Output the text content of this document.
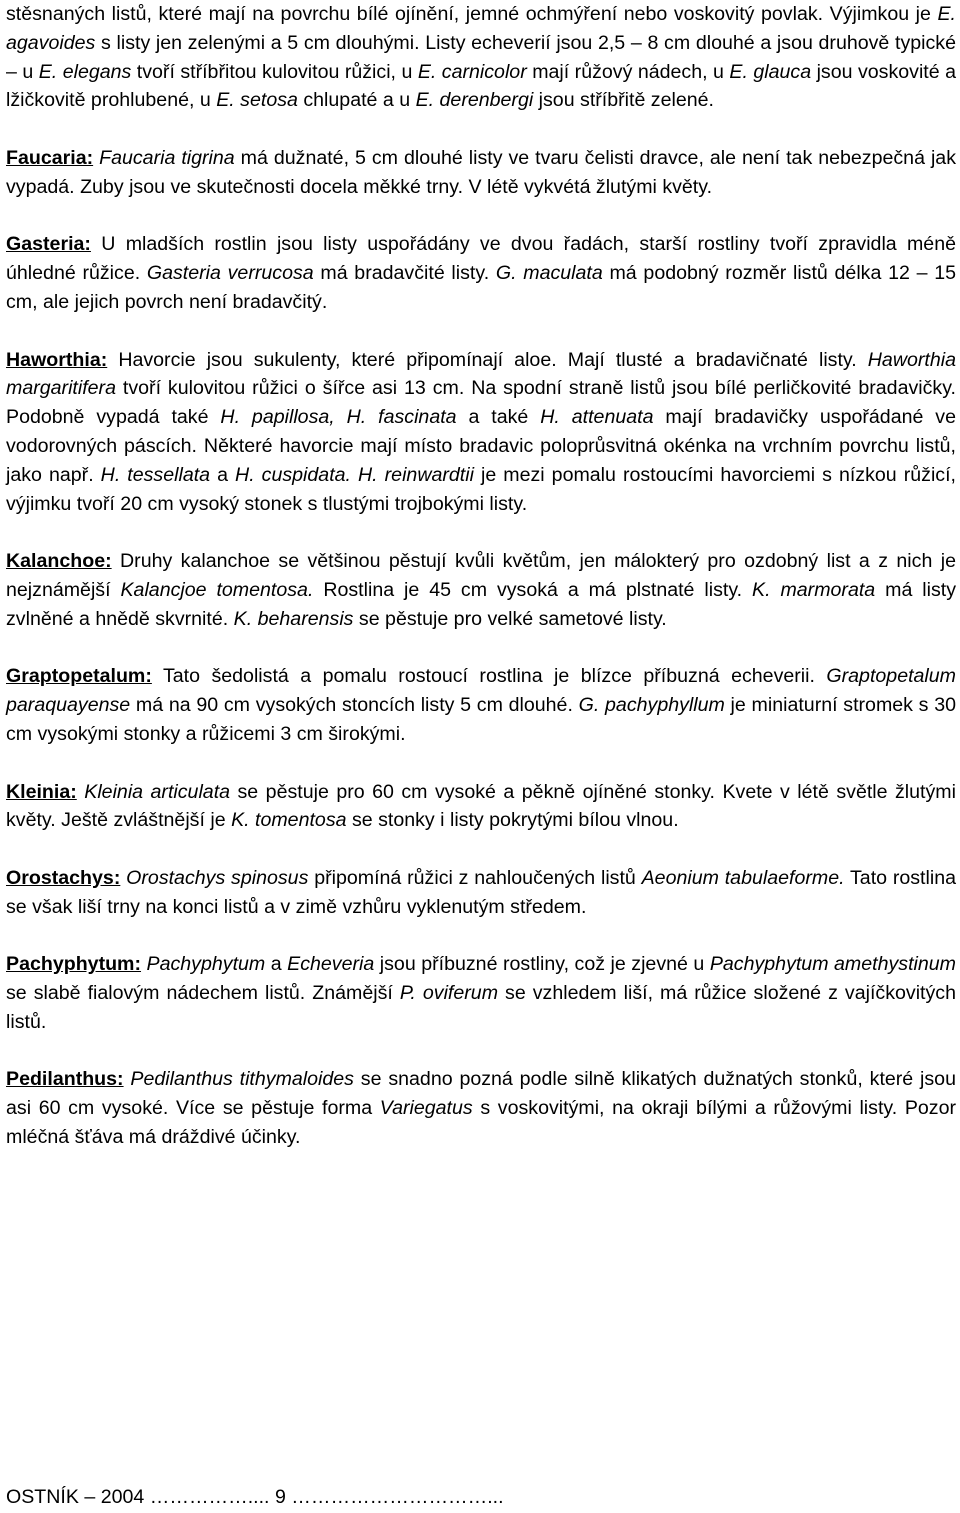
stěsnaných listů, které mají na povrchu bílé ojínění, jemné ochmýření nebo voskovitý povlak. Výjimkou je E. agavoides s listy jen zelenými a 5 cm dlouhými. Listy echeverií jsou 2,5 – 8 cm dlouhé a jsou druhově typické – u E. elegans tvoří stříbřitou kulovitou růžici, u E. carnicolor mají růžový nádech, u E. glauca jsou voskovité a lžičkovitě prohlubené, u E. setosa chlupaté a u E. derenbergi jsou stříbřitě zelené.

Faucaria: Faucaria tigrina má dužnaté, 5 cm dlouhé listy ve tvaru čelisti dravce, ale není tak nebezpečná jak vypadá. Zuby jsou ve skutečnosti docela měkké trny. V létě vykvétá žlutými květy.

Gasteria: U mladších rostlin jsou listy uspořádány ve dvou řadách, starší rostliny tvoří zpravidla méně úhledné růžice. Gasteria verrucosa má bradavčité listy. G. maculata má podobný rozměr listů délka 12 – 15 cm, ale jejich povrch není bradavčitý.

Haworthia: Havorcie jsou sukulenty, které připomínají aloe. Mají tlusté a bradavičnaté listy. Haworthia margaritifera tvoří kulovitou růžici o šířce asi 13 cm. Na spodní straně listů jsou bílé perličkovité bradavičky. Podobně vypadá také H. papillosa, H. fascinata a také H. attenuata mají bradavičky uspořádané ve vodorovných páscích. Některé havorcie mají místo bradavic poloprůsvitná okénka na vrchním povrchu listů, jako např. H. tessellata a H. cuspidata. H. reinwardtii je mezi pomalu rostoucími havorciemi s nízkou růžicí, výjimku tvoří 20 cm vysoký stonek s tlustými trojbokými listy.

Kalanchoe: Druhy kalanchoe se většinou pěstují kvůli květům, jen málokterý pro ozdobný list a z nich je nejznámější Kalancjoe tomentosa. Rostlina je 45 cm vysoká a má plstnaté listy. K. marmorata má listy zvlněné a hnědě skvrnité. K. beharensis se pěstuje pro velké sametové listy.

Graptopetalum: Tato šedolistá a pomalu rostoucí rostlina je blízce příbuzná echeverii. Graptopetalum paraquayense má na 90 cm vysokých stoncích listy 5 cm dlouhé. G. pachyphyllum je miniaturní stromek s 30 cm vysokými stonky a růžicemi 3 cm širokými.

Kleinia: Kleinia articulata se pěstuje pro 60 cm vysoké a pěkně ojíněné stonky. Kvete v létě světle žlutými květy. Ještě zvláštnější je K. tomentosa se stonky i listy pokrytými bílou vlnou.

Orostachys: Orostachys spinosus připomíná růžici z nahloučených listů Aeonium tabulaeforme. Tato rostlina se však liší trny na konci listů a v zimě vzhůru vyklenutým středem.

Pachyphytum: Pachyphytum a Echeveria jsou příbuzné rostliny, což je zjevné u Pachyphytum amethystinum se slabě fialovým nádechem listů. Známější P. oviferum se vzhledem liší, má růžice složené z vajíčkovitých listů.

Pedilanthus: Pedilanthus tithymaloides se snadno pozná podle silně klikatých dužnatých stonků, které jsou asi 60 cm vysoké. Více se pěstuje forma Variegatus s voskovitými, na okraji bílými a růžovými listy. Pozor mléčná šťáva má dráždivé účinky.

OSTNÍK – 2004 …………….... 9 …………………………...
